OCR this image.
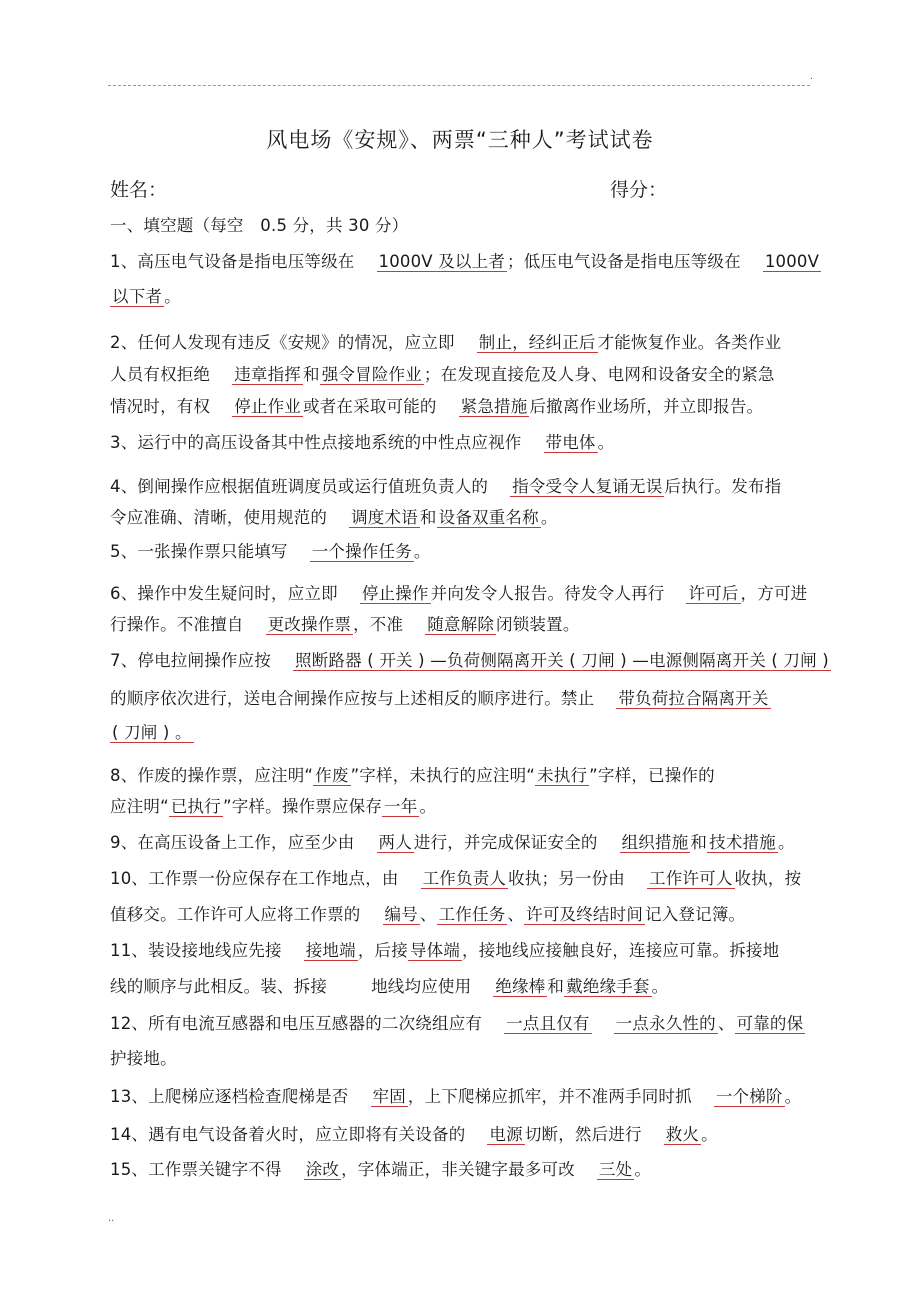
.
风电场《安规》、两票“三种人”考试试卷
姓名：	得分：
一、填空题（每空　0.5 分，共 30 分）
1、高压电气设备是指电压等级在 1000V 及以上者 ；低压电气设备是指电压等级在 1000V
以下者 。
2、任何人发现有违反《安规》的情况，应立即 制止，经纠正后 才能恢复作业。各类作业
人员有权拒绝 违章指挥 和 强令冒险作业 ；在发现直接危及人身、电网和设备安全的紧急
情况时，有权 停止作业 或者在采取可能的 紧急措施 后撤离作业场所，并立即报告。
3、运行中的高压设备其中性点接地系统的中性点应视作 带电体 。
4、倒闸操作应根据值班调度员或运行值班负责人的 指令受令人复诵无误 后执行。发布指
令应准确、清晰，使用规范的 调度术语 和 设备双重名称 。
5、一张操作票只能填写 一个操作任务 。
6、操作中发生疑问时，应立即 停止操作 并向发令人报告。待发令人再行 许可后 ，方可进
行操作。不准擅自 更改操作票 ，不准 随意解除 闭锁装置。
7、停电拉闸操作应按 照断路器 ( 开关 ) —负荷侧隔离开关 ( 刀闸 ) —电源侧隔离开关 ( 刀闸 )
的顺序依次进行，送电合闸操作应按与上述相反的顺序进行。禁止 带负荷拉合隔离开关
( 刀闸 ) 。
8、作废的操作票，应注明“ 作废 ”字样，未执行的应注明“ 未执行 ”字样，已操作的
应注明“ 已执行 ”字样。操作票应保存 一年 。
9、在高压设备上工作，应至少由 两人 进行，并完成保证安全的 组织措施 和 技术措施 。
10、工作票一份应保存在工作地点，由 工作负责人 收执；另一份由 工作许可人 收执，按
值移交。工作许可人应将工作票的 编号 、 工作任务 、 许可及终结时间 记入登记簿。
11、装设接地线应先接 接地端 ，后接 导体端 ，接地线应接触良好，连接应可靠。拆接地
线的顺序与此相反。装、拆接	地线均应使用 绝缘棒 和 戴绝缘手套 。
12、所有电流互感器和电压互感器的二次绕组应有 一点且仅有 一点永久性的 、 可靠的保
护接地。
13、上爬梯应逐档检查爬梯是否 牢固 ，上下爬梯应抓牢，并不准两手同时抓 一个梯阶 。
14、遇有电气设备着火时，应立即将有关设备的 电源 切断，然后进行 救火 。
15、工作票关键字不得 涂改 ，字体端正，非关键字最多可改 三处 。
..
